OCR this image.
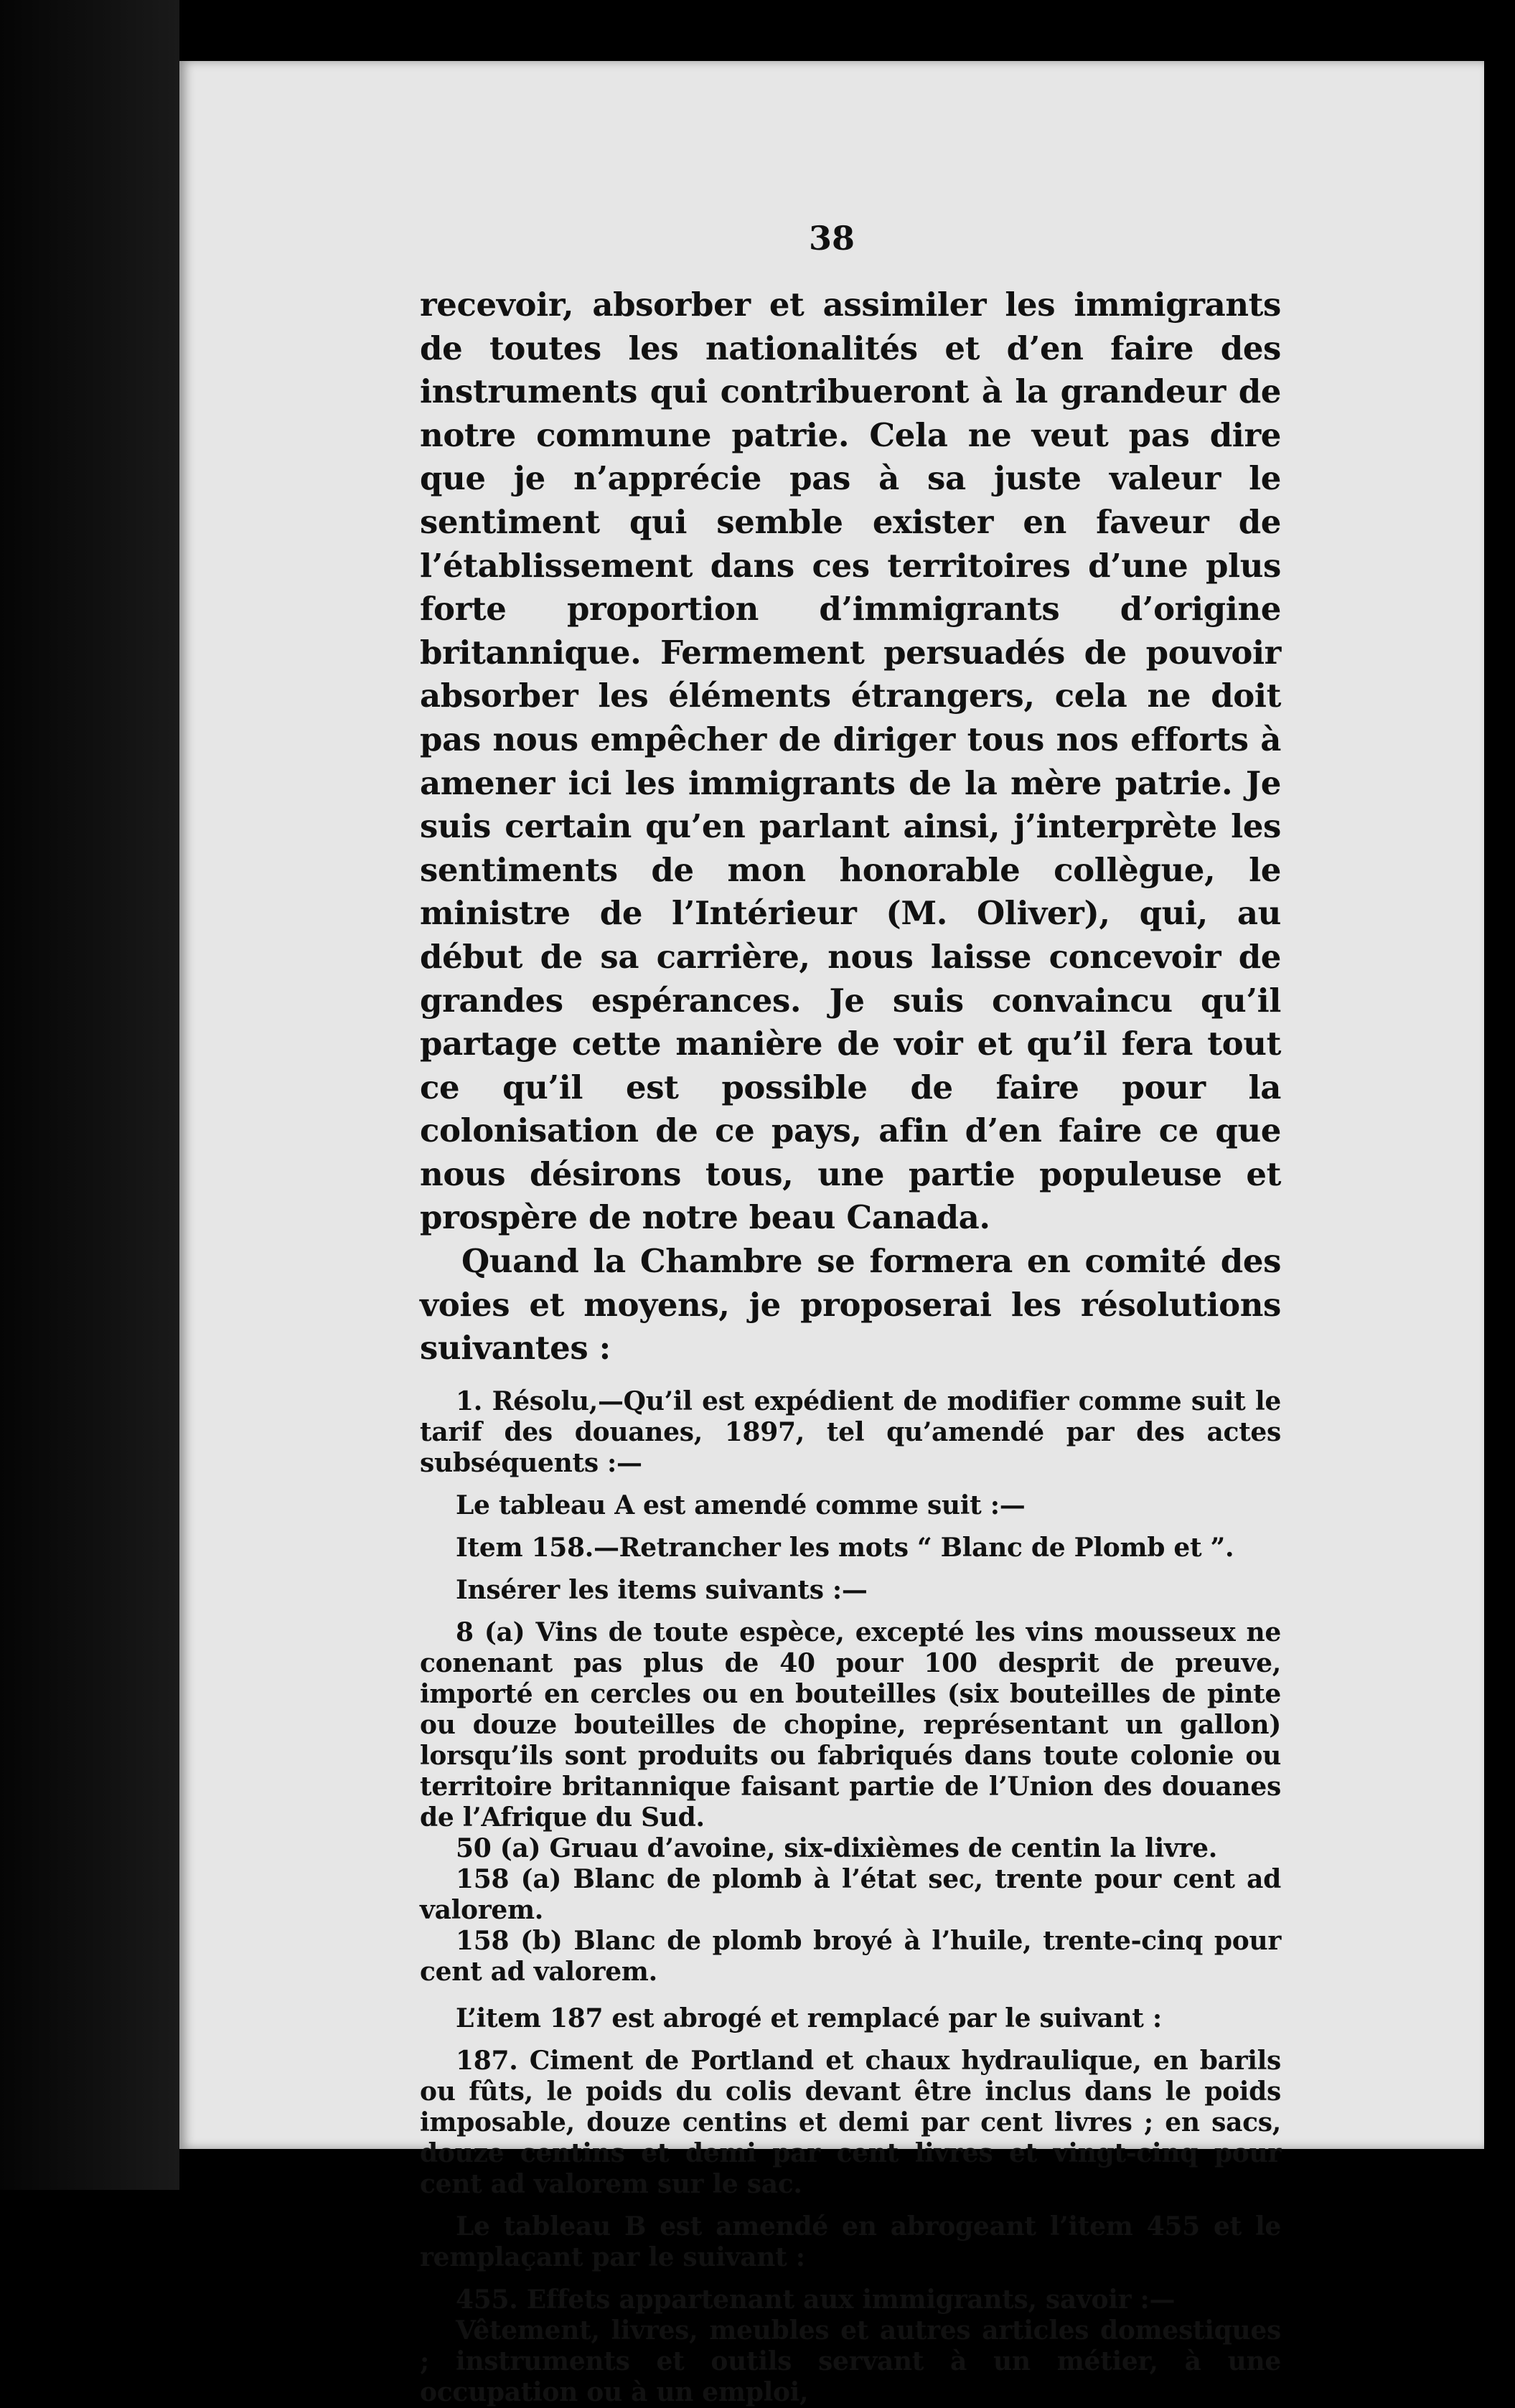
38

recevoir, absorber et assimiler les immigrants de toutes les nationalités et d’en faire des instruments qui contribueront à la grandeur de notre commune patrie. Cela ne veut pas dire que je n’apprécie pas à sa juste valeur le sentiment qui semble exister en faveur de l’établissement dans ces territoires d’une plus forte proportion d’immigrants d’origine britannique. Fermement persuadés de pouvoir absorber les éléments étrangers, cela ne doit pas nous empêcher de diriger tous nos efforts à amener ici les immigrants de la mère patrie. Je suis certain qu’en parlant ainsi, j’interprète les sentiments de mon honorable collègue, le ministre de l’Intérieur (M. Oliver), qui, au début de sa carrière, nous laisse concevoir de grandes espérances. Je suis convaincu qu’il partage cette manière de voir et qu’il fera tout ce qu’il est possible de faire pour la colonisation de ce pays, afin d’en faire ce que nous désirons tous, une partie populeuse et prospère de notre beau Canada.

Quand la Chambre se formera en comité des voies et moyens, je proposerai les résolutions suivantes :

1. Résolu,—Qu’il est expédient de modifier comme suit le tarif des douanes, 1897, tel qu’amendé par des actes subséquents :—

Le tableau A est amendé comme suit :—

Item 158.—Retrancher les mots “ Blanc de Plomb et ”.

Insérer les items suivants :—

8 (a) Vins de toute espèce, excepté les vins mousseux ne conenant pas plus de 40 pour 100 desprit de preuve, importé en cercles ou en bouteilles (six bouteilles de pinte ou douze bouteilles de chopine, représentant un gallon) lorsqu’ils sont produits ou fabriqués dans toute colonie ou territoire britannique faisant partie de l’Union des douanes de l’Afrique du Sud.

50 (a) Gruau d’avoine, six-dixièmes de centin la livre.

158 (a) Blanc de plomb à l’état sec, trente pour cent ad valorem.

158 (b) Blanc de plomb broyé à l’huile, trente-cinq pour cent ad valorem.

L’item 187 est abrogé et remplacé par le suivant :

187. Ciment de Portland et chaux hydraulique, en barils ou fûts, le poids du colis devant être inclus dans le poids imposable, douze centins et demi par cent livres ; en sacs, douze centins et demi par cent livres et vingt-cinq pour cent ad valorem sur le sac.

Le tableau B est amendé en abrogeant l’item 455 et le remplaçant par le suivant :

455. Effets appartenant aux immigrants, savoir :—

Vêtement, livres, meubles et autres articles domestiques ; instruments et outils servant à un métier, à une occupation ou à un emploi,
